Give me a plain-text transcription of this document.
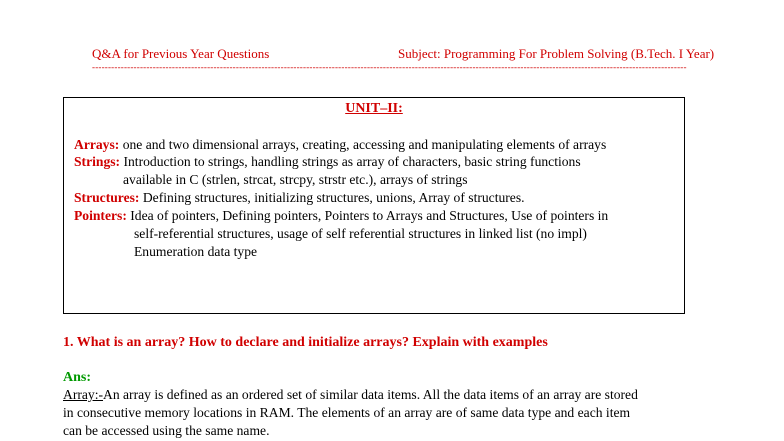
Q&A for Previous Year Questions	Subject: Programming For Problem Solving (B.Tech. I Year)
------------------------------------------------------------------------------------------------------------------------------------------------------------------------------------------
UNIT–II:
Arrays: one and two dimensional arrays, creating, accessing and manipulating elements of arrays
Strings: Introduction to strings, handling strings as array of characters, basic string functions
available in C (strlen, strcat, strcpy, strstr etc.), arrays of strings
Structures: Defining structures, initializing structures, unions, Array of structures.
Pointers: Idea of pointers, Defining pointers, Pointers to Arrays and Structures, Use of pointers in
self-referential structures, usage of self referential structures in linked list (no impl)
Enumeration data type
1. What is an array? How to declare and initialize arrays? Explain with examples
Ans:
Array:-An array is defined as an ordered set of similar data items. All the data items of an array are stored
in consecutive memory locations in RAM. The elements of an array are of same data type and each item
can be accessed using the same name.
